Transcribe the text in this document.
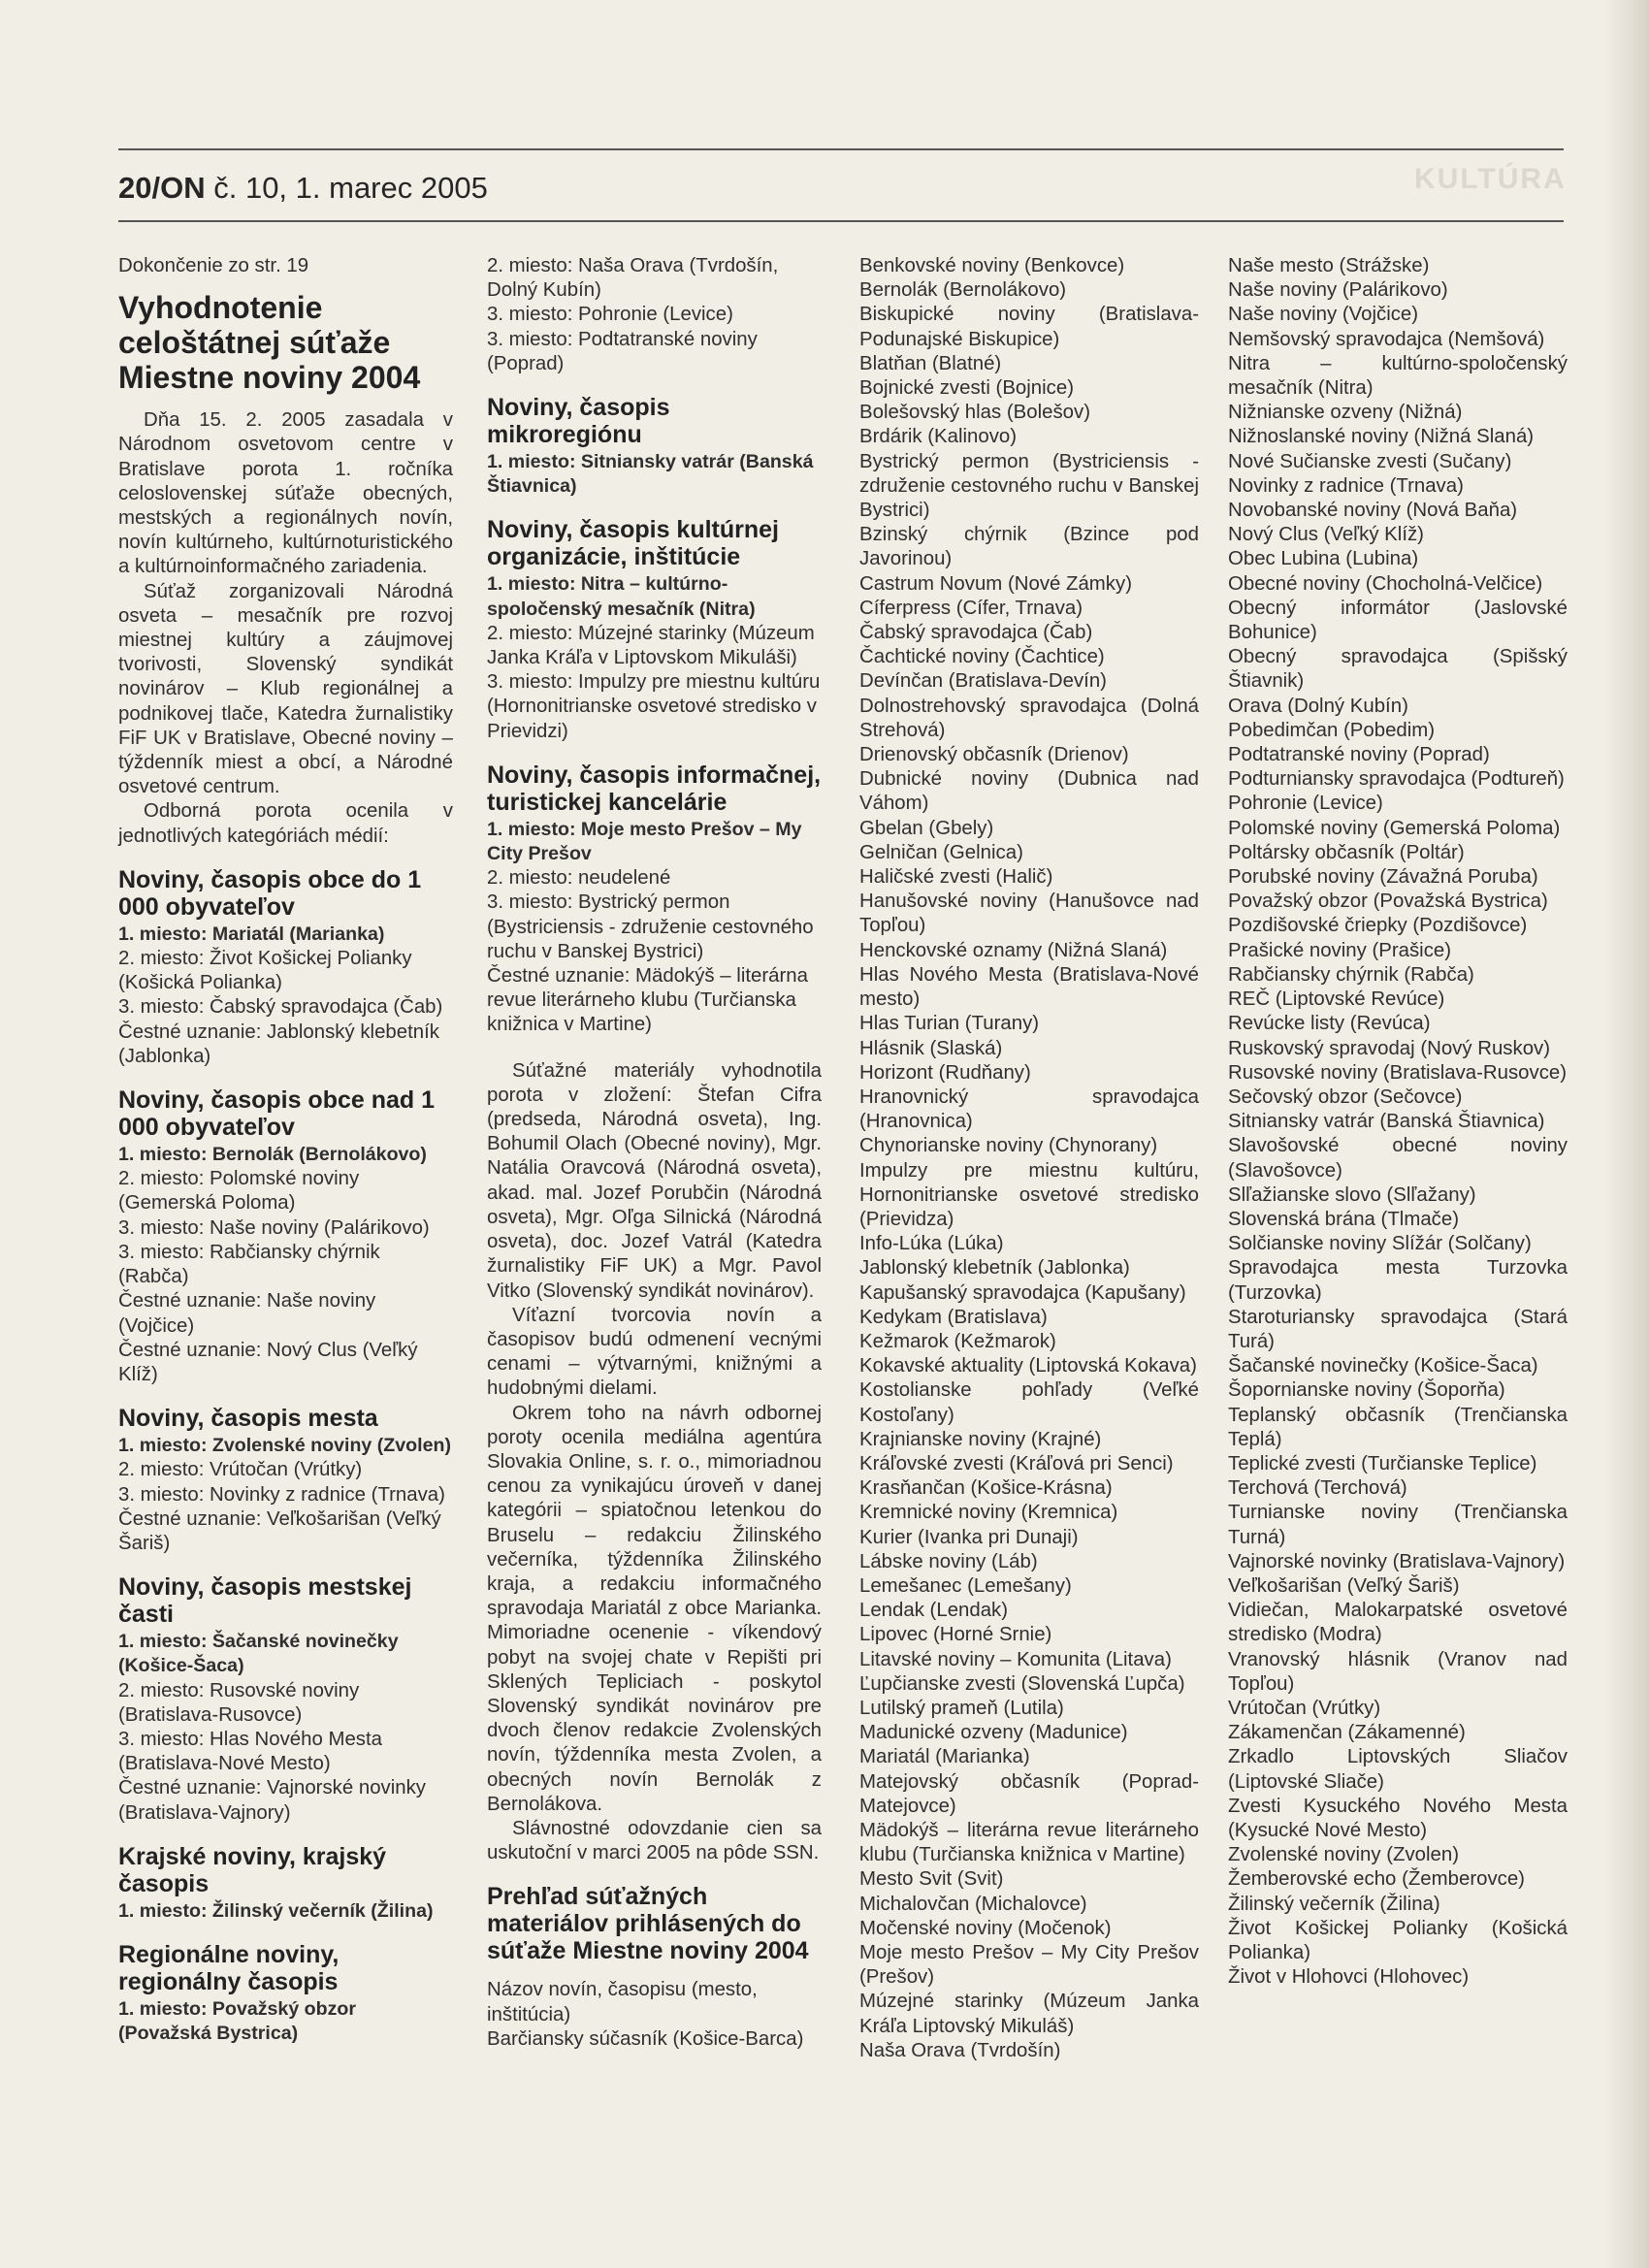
20/ON č. 10, 1. marec 2005

Dokončenie zo str. 19

Vyhodnotenie celoštátnej súťaže Miestne noviny 2004

Dňa 15. 2. 2005 zasadala v Národnom osvetovom centre v Bratislave porota 1. ročníka celoslovenskej súťaže obecných, mestských a regionálnych novín, novín kultúrneho, kultúrnoturistického a kultúrnoinformačného zariadenia.

Súťaž zorganizovali Národná osveta – mesačník pre rozvoj miestnej kultúry a záujmovej tvorivosti, Slovenský syndikát novinárov – Klub regionálnej a podnikovej tlače, Katedra žurnalistiky FiF UK v Bratislave, Obecné noviny – týždenník miest a obcí, a Národné osvetové centrum.

Odborná porota ocenila v jednotlivých kategóriách médií:

Noviny, časopis obce do 1 000 obyvateľov

1. miesto: Mariatál (Marianka)

2. miesto: Život Košickej Polianky (Košická Polianka)

3. miesto: Čabský spravodajca (Čab)

Čestné uznanie: Jablonský klebetník (Jablonka)

Noviny, časopis obce nad 1 000 obyvateľov

1. miesto: Bernolák (Bernolákovo)

2. miesto: Polomské noviny (Gemerská Poloma)

3. miesto: Naše noviny (Palárikovo)

3. miesto: Rabčiansky chýrnik (Rabča)

Čestné uznanie: Naše noviny (Vojčice)

Čestné uznanie: Nový Clus (Veľký Klíž)

Noviny, časopis mesta

1. miesto: Zvolenské noviny (Zvolen)

2. miesto: Vrútočan (Vrútky)

3. miesto: Novinky z radnice (Trnava)

Čestné uznanie: Veľkošarišan (Veľký Šariš)

Noviny, časopis mestskej časti

1. miesto: Šačanské novinečky (Košice-Šaca)

2. miesto: Rusovské noviny (Bratislava-Rusovce)

3. miesto: Hlas Nového Mesta (Bratislava-Nové Mesto)

Čestné uznanie: Vajnorské novinky (Bratislava-Vajnory)

Krajské noviny, krajský časopis

1. miesto: Žilinský večerník (Žilina)

Regionálne noviny, regionálny časopis

1. miesto: Považský obzor (Považská Bystrica)

2. miesto: Naša Orava (Tvrdošín, Dolný Kubín)

3. miesto: Pohronie (Levice)

3. miesto: Podtatranské noviny (Poprad)

Noviny, časopis mikroregiónu

1. miesto: Sitniansky vatrár (Banská Štiavnica)

Noviny, časopis kultúrnej organizácie, inštitúcie

1. miesto: Nitra – kultúrno-spoločenský mesačník (Nitra)

2. miesto: Múzejné starinky (Múzeum Janka Kráľa v Liptovskom Mikuláši)

3. miesto: Impulzy pre miestnu kultúru (Hornonitrianske osvetové stredisko v Prievidzi)

Noviny, časopis informačnej, turistickej kancelárie

1. miesto: Moje mesto Prešov – My City Prešov

2. miesto: neudelené

3. miesto: Bystrický permon (Bystriciensis - združenie cestovného ruchu v Banskej Bystrici)

Čestné uznanie: Mädokýš – literárna revue literárneho klubu (Turčianska knižnica v Martine)

Súťažné materiály vyhodnotila porota v zložení: Štefan Cifra (predseda, Národná osveta), Ing. Bohumil Olach (Obecné noviny), Mgr. Natália Oravcová (Národná osveta), akad. mal. Jozef Porubčin (Národná osveta), Mgr. Oľga Silnická (Národná osveta), doc. Jozef Vatrál (Katedra žurnalistiky FiF UK) a Mgr. Pavol Vitko (Slovenský syndikát novinárov).

Víťazní tvorcovia novín a časopisov budú odmenení vecnými cenami – výtvarnými, knižnými a hudobnými dielami.

Okrem toho na návrh odbornej poroty ocenila mediálna agentúra Slovakia Online, s. r. o., mimoriadnou cenou za vynikajúcu úroveň v danej kategórii – spiatočnou letenkou do Bruselu – redakciu Žilinského večerníka, týždenníka Žilinského kraja, a redakciu informačného spravodaja Mariatál z obce Marianka. Mimoriadne ocenenie - víkendový pobyt na svojej chate v Repišti pri Sklených Tepliciach - poskytol Slovenský syndikát novinárov pre dvoch členov redakcie Zvolenských novín, týždenníka mesta Zvolen, a obecných novín Bernolák z Bernolákova.

Slávnostné odovzdanie cien sa uskutoční v marci 2005 na pôde SSN.

Prehľad súťažných materiálov prihlásených do súťaže Miestne noviny 2004

Názov novín, časopisu (mesto, inštitúcia)

Barčiansky súčasník (Košice-Barca)

Benkovské noviny (Benkovce)

Bernolák (Bernolákovo)

Biskupické noviny (Bratislava-Podunajské Biskupice)

Blatňan (Blatné)

Bojnické zvesti (Bojnice)

Bolešovský hlas (Bolešov)

Brdárik (Kalinovo)

Bystrický permon (Bystriciensis - združenie cestovného ruchu v Banskej Bystrici)

Bzinský chýrnik (Bzince pod Javorinou)

Castrum Novum (Nové Zámky)

Cíferpress (Cífer, Trnava)

Čabský spravodajca (Čab)

Čachtické noviny (Čachtice)

Devínčan (Bratislava-Devín)

Dolnostrehovský spravodajca (Dolná Strehová)

Drienovský občasník (Drienov)

Dubnické noviny (Dubnica nad Váhom)

Gbelan (Gbely)

Gelničan (Gelnica)

Haličské zvesti (Halič)

Hanušovské noviny (Hanušovce nad Topľou)

Henckovské oznamy (Nižná Slaná)

Hlas Nového Mesta (Bratislava-Nové mesto)

Hlas Turian (Turany)

Hlásnik (Slaská)

Horizont (Rudňany)

Hranovnický spravodajca (Hranovnica)

Chynorianske noviny (Chynorany)

Impulzy pre miestnu kultúru, Hornonitrianske osvetové stredisko (Prievidza)

Info-Lúka (Lúka)

Jablonský klebetník (Jablonka)

Kapušanský spravodajca (Kapušany)

Kedykam (Bratislava)

Kežmarok (Kežmarok)

Kokavské aktuality (Liptovská Kokava)

Kostolianske pohľady (Veľké Kostoľany)

Krajnianske noviny (Krajné)

Kráľovské zvesti (Kráľová pri Senci)

Krasňančan (Košice-Krásna)

Kremnické noviny (Kremnica)

Kurier (Ivanka pri Dunaji)

Lábske noviny (Láb)

Lemešanec (Lemešany)

Lendak (Lendak)

Lipovec (Horné Srnie)

Litavské noviny – Komunita (Litava)

Ľupčianske zvesti (Slovenská Ľupča)

Lutilský prameň (Lutila)

Madunické ozveny (Madunice)

Mariatál (Marianka)

Matejovský občasník (Poprad-Matejovce)

Mädokýš – literárna revue literárneho klubu (Turčianska knižnica v Martine)

Mesto Svit (Svit)

Michalovčan (Michalovce)

Močenské noviny (Močenok)

Moje mesto Prešov – My City Prešov (Prešov)

Múzejné starinky (Múzeum Janka Kráľa Liptovský Mikuláš)

Naša Orava (Tvrdošín)

Naše mesto (Strážske)

Naše noviny (Palárikovo)

Naše noviny (Vojčice)

Nemšovský spravodajca (Nemšová)

Nitra – kultúrno-spoločenský mesačník (Nitra)

Nižnianske ozveny (Nižná)

Nižnoslanské noviny (Nižná Slaná)

Nové Sučianske zvesti (Sučany)

Novinky z radnice (Trnava)

Novobanské noviny (Nová Baňa)

Nový Clus (Veľký Klíž)

Obec Lubina (Lubina)

Obecné noviny (Chocholná-Velčice)

Obecný informátor (Jaslovské Bohunice)

Obecný spravodajca (Spišský Štiavnik)

Orava (Dolný Kubín)

Pobedimčan (Pobedim)

Podtatranské noviny (Poprad)

Podturniansky spravodajca (Podtureň)

Pohronie (Levice)

Polomské noviny (Gemerská Poloma)

Poltársky občasník (Poltár)

Porubské noviny (Závažná Poruba)

Považský obzor (Považská Bystrica)

Pozdišovské čriepky (Pozdišovce)

Prašické noviny (Prašice)

Rabčiansky chýrnik (Rabča)

REČ (Liptovské Revúce)

Revúcke listy (Revúca)

Ruskovský spravodaj (Nový Ruskov)

Rusovské noviny (Bratislava-Rusovce)

Sečovský obzor (Sečovce)

Sitniansky vatrár (Banská Štiavnica)

Slavošovské obecné noviny (Slavošovce)

Slľažianske slovo (Slľažany)

Slovenská brána (Tlmače)

Solčianske noviny Slížár (Solčany)

Spravodajca mesta Turzovka (Turzovka)

Staroturiansky spravodajca (Stará Turá)

Šačanské novinečky (Košice-Šaca)

Šopornianske noviny (Šoporňa)

Teplanský občasník (Trenčianska Teplá)

Teplické zvesti (Turčianske Teplice)

Terchová (Terchová)

Turnianske noviny (Trenčianska Turná)

Vajnorské novinky (Bratislava-Vajnory)

Veľkošarišan (Veľký Šariš)

Vidiečan, Malokarpatské osvetové stredisko (Modra)

Vranovský hlásnik (Vranov nad Topľou)

Vrútočan (Vrútky)

Zákamenčan (Zákamenné)

Zrkadlo Liptovských Sliačov (Liptovské Sliače)

Zvesti Kysuckého Nového Mesta (Kysucké Nové Mesto)

Zvolenské noviny (Zvolen)

Žemberovské echo (Žemberovce)

Žilinský večerník (Žilina)

Život Košickej Polianky (Košická Polianka)

Život v Hlohovci (Hlohovec)

KULTÚRA
